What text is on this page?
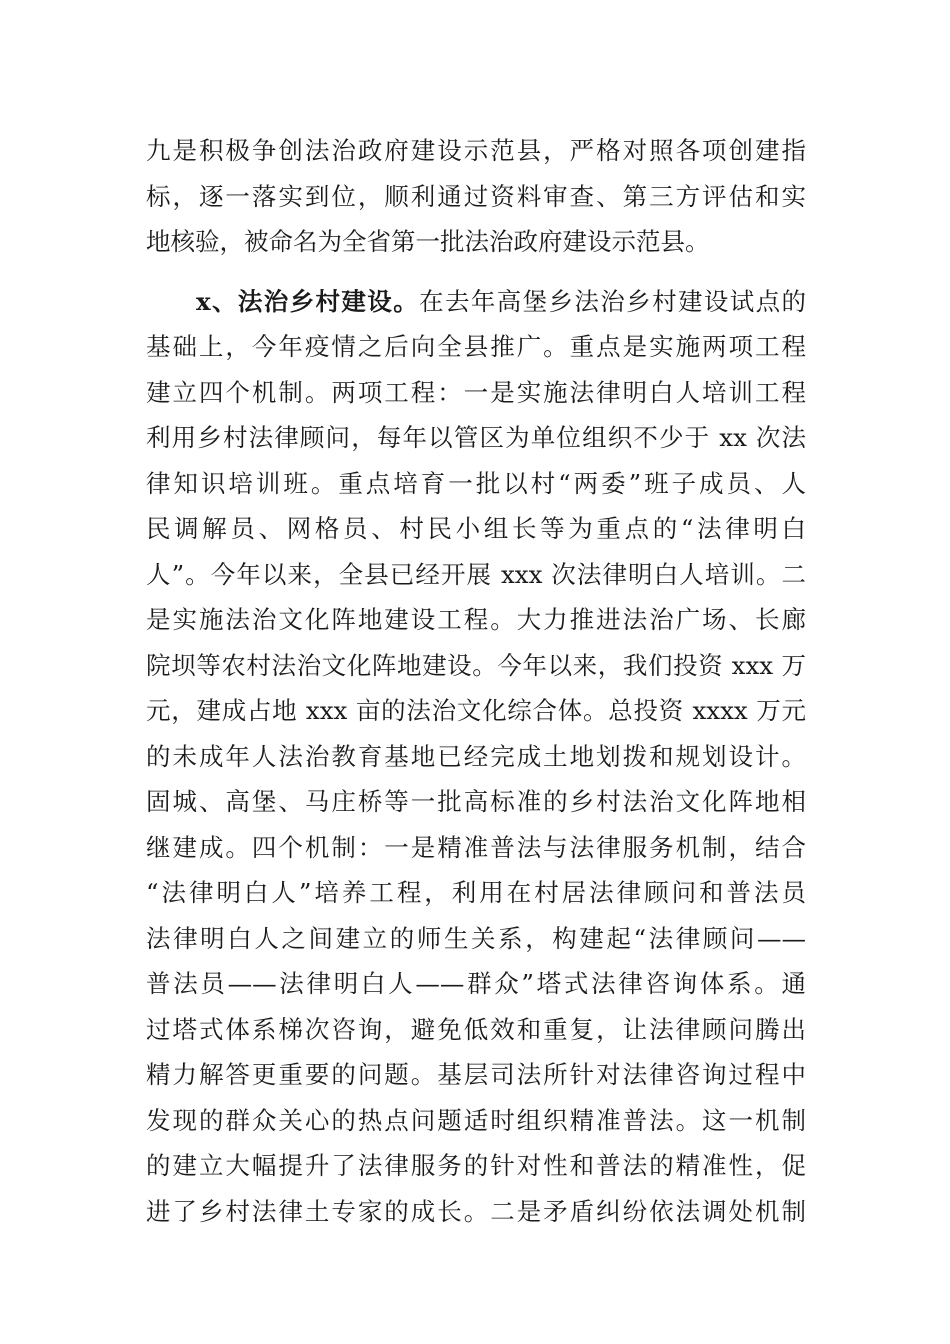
九是积极争创法治政府建设示范县，严格对照各项创建指
标，逐一落实到位，顺利通过资料审查、第三方评估和实
地核验，被命名为全省第一批法治政府建设示范县。
x、法治乡村建设。在去年高堡乡法治乡村建设试点的
基础上，今年疫情之后向全县推广。重点是实施两项工程
建立四个机制。两项工程：一是实施法律明白人培训工程
利用乡村法律顾问，每年以管区为单位组织不少于 xx 次法
律知识培训班。重点培育一批以村“两委”班子成员、人
民调解员、网格员、村民小组长等为重点的“法律明白
人”。今年以来，全县已经开展 xxx 次法律明白人培训。二
是实施法治文化阵地建设工程。大力推进法治广场、长廊
院坝等农村法治文化阵地建设。今年以来，我们投资 xxx 万
元，建成占地 xxx 亩的法治文化综合体。总投资 xxxx 万元
的未成年人法治教育基地已经完成土地划拨和规划设计。
固城、高堡、马庄桥等一批高标准的乡村法治文化阵地相
继建成。四个机制：一是精准普法与法律服务机制，结合
“法律明白人”培养工程，利用在村居法律顾问和普法员
法律明白人之间建立的师生关系，构建起“法律顾问——
普法员——法律明白人——群众”塔式法律咨询体系。通
过塔式体系梯次咨询，避免低效和重复，让法律顾问腾出
精力解答更重要的问题。基层司法所针对法律咨询过程中
发现的群众关心的热点问题适时组织精准普法。这一机制
的建立大幅提升了法律服务的针对性和普法的精准性，促
进了乡村法律土专家的成长。二是矛盾纠纷依法调处机制
